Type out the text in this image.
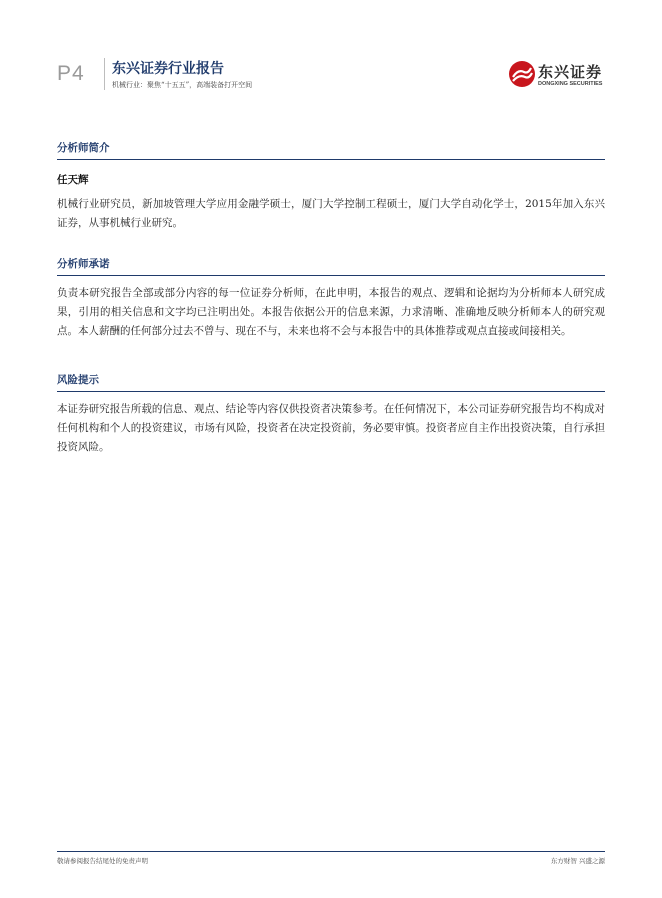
P4 东兴证券行业报告
机械行业：聚焦“十五五”，高端装备打开空间
东兴证券
DONGXING SECURITIES
分析师简介
任天辉

机械行业研究员，新加坡管理大学应用金融学硕士，厦门大学控制工程硕士，厦门大学自动化学士，2015年加入东兴证券，从事机械行业研究。

分析师承诺

负责本研究报告全部或部分内容的每一位证券分析师，在此申明，本报告的观点、逻辑和论据均为分析师本人研究成果，引用的相关信息和文字均已注明出处。本报告依据公开的信息来源，力求清晰、准确地反映分析师本人的研究观点。本人薪酬的任何部分过去不曾与、现在不与，未来也将不会与本报告中的具体推荐或观点直接或间接相关。

风险提示

本证券研究报告所载的信息、观点、结论等内容仅供投资者决策参考。在任何情况下，本公司证券研究报告均不构成对任何机构和个人的投资建议，市场有风险，投资者在决定投资前，务必要审慎。投资者应自主作出投资决策，自行承担投资风险。

敬请参阅报告结尾处的免责声明	东方财智 兴盛之源
